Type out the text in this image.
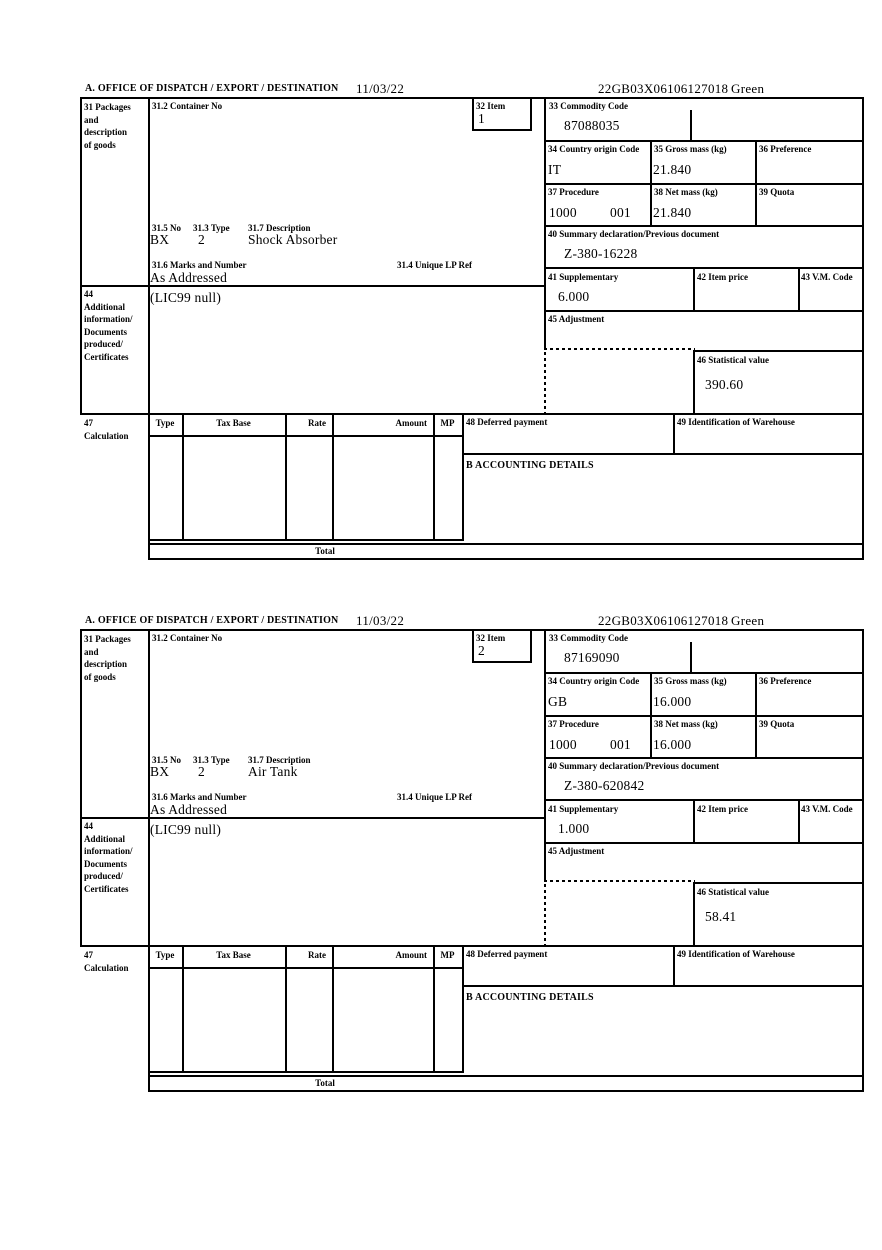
A. OFFICE OF DISPATCH / EXPORT / DESTINATION 11/03/22	22GB03X06106127018 Green
31 Packages
and
description
of goods
31.2 Container No	32 Item
1
31.5 No 31.3 Type 31.7 Description
BX 2	Shock Absorber
31.6 Marks and Number	31.4 Unique LP Ref
As Addressed
33 Commodity Code
87088035
34 Country origin Code
IT
35 Gross mass (kg)
21.840
36 Preference
37 Procedure
1000 001
38 Net mass (kg)
21.840
39 Quota
40 Summary declaration/Previous document
Z-380-16228
41 Supplementary
6.000
42 Item price	43 V.M. Code
45 Adjustment
46 Statistical value
390.60
44
Additional
information/
Documents
produced/
Certificates
(LIC99 null)
47
Calculation
Type	Tax Base	Rate	Amount	MP	48 Deferred payment	49 Identification of Warehouse
B ACCOUNTING DETAILS
Total
A. OFFICE OF DISPATCH / EXPORT / DESTINATION 11/03/22	22GB03X06106127018 Green
31 Packages
and
description
of goods
31.2 Container No	32 Item
2
31.5 No 31.3 Type 31.7 Description
BX 2	Air Tank
31.6 Marks and Number	31.4 Unique LP Ref
As Addressed
33 Commodity Code
87169090
34 Country origin Code
GB
35 Gross mass (kg)
16.000
36 Preference
37 Procedure
1000 001
38 Net mass (kg)
16.000
39 Quota
40 Summary declaration/Previous document
Z-380-620842
41 Supplementary
1.000
42 Item price	43 V.M. Code
45 Adjustment
46 Statistical value
58.41
44
Additional
information/
Documents
produced/
Certificates
(LIC99 null)
47
Calculation
Type	Tax Base	Rate	Amount	MP	48 Deferred payment	49 Identification of Warehouse
B ACCOUNTING DETAILS
Total
